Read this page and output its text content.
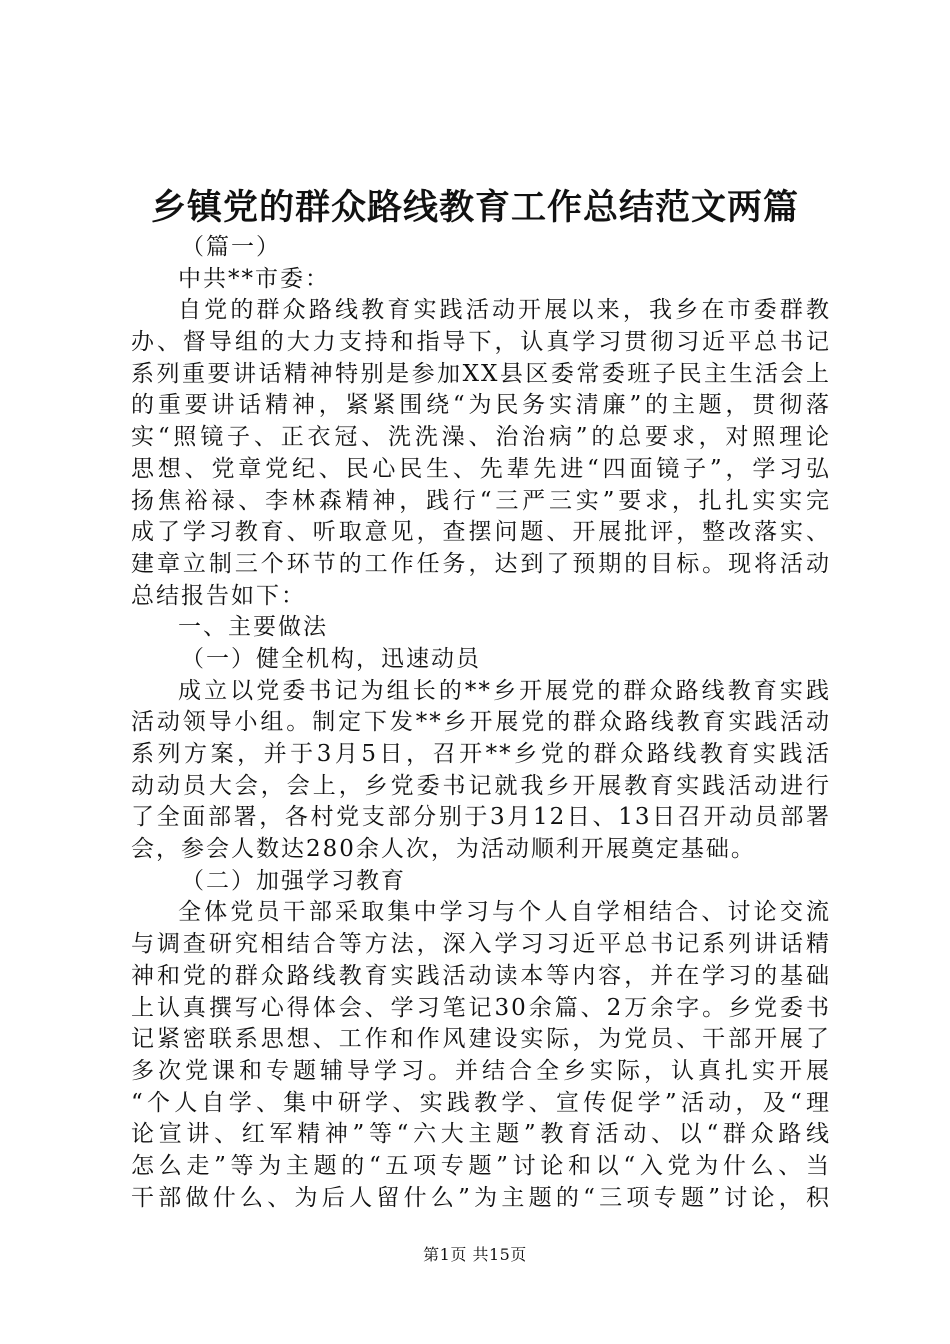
乡镇党的群众路线教育工作总结范文两篇
（篇一）
中共**市委：
自党的群众路线教育实践活动开展以来，我乡在市委群教
办、督导组的大力支持和指导下，认真学习贯彻习近平总书记
系列重要讲话精神特别是参加XX县区委常委班子民主生活会上
的重要讲话精神，紧紧围绕“为民务实清廉”的主题，贯彻落
实“照镜子、正衣冠、洗洗澡、治治病”的总要求，对照理论
思想、党章党纪、民心民生、先辈先进“四面镜子”，学习弘
扬焦裕禄、李林森精神，践行“三严三实”要求，扎扎实实完
成了学习教育、听取意见，查摆问题、开展批评，整改落实、
建章立制三个环节的工作任务，达到了预期的目标。现将活动
总结报告如下：
一、主要做法
（一）健全机构，迅速动员
成立以党委书记为组长的**乡开展党的群众路线教育实践
活动领导小组。制定下发**乡开展党的群众路线教育实践活动
系列方案，并于3月5日，召开**乡党的群众路线教育实践活
动动员大会，会上，乡党委书记就我乡开展教育实践活动进行
了全面部署，各村党支部分别于3月12日、13日召开动员部署
会，参会人数达280余人次，为活动顺利开展奠定基础。
（二）加强学习教育
全体党员干部采取集中学习与个人自学相结合、讨论交流
与调查研究相结合等方法，深入学习习近平总书记系列讲话精
神和党的群众路线教育实践活动读本等内容，并在学习的基础
上认真撰写心得体会、学习笔记30余篇、2万余字。乡党委书
记紧密联系思想、工作和作风建设实际，为党员、干部开展了
多次党课和专题辅导学习。并结合全乡实际，认真扎实开展
“个人自学、集中研学、实践教学、宣传促学”活动，及“理
论宣讲、红军精神”等“六大主题”教育活动、以“群众路线
怎么走”等为主题的“五项专题”讨论和以“入党为什么、当
干部做什么、为后人留什么”为主题的“三项专题”讨论，积
第1页 共15页
